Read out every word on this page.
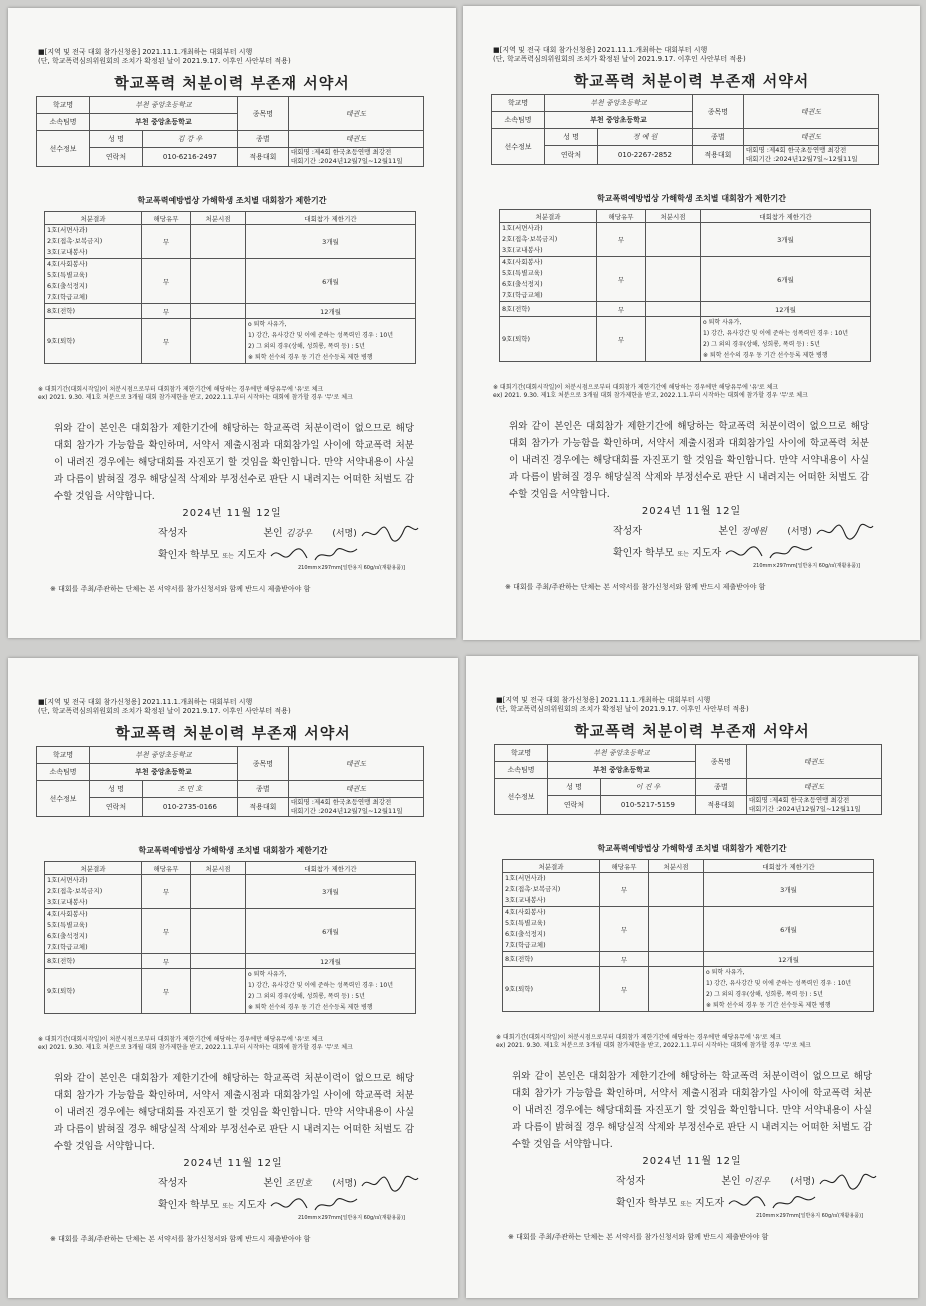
■[지역 및 전국 대회 참가신청용] 2021.11.1.개최하는 대회부터 시행
(단, 학교폭력심의위원회의 조치가 확정된 날이 2021.9.17. 이후인 사안부터 적용)
학교폭력 처분이력 부존재 서약서
학교명	부천 중앙초등학교		종목명	태권도
소속팀명	부천 중앙초등학교			
선수정보	성 명	김 강 우	종별	태권도
	연락처	010-6216-2497	적용대회	대회명 :제4회 한국초등연맹 최강전
대회기간 :2024년12월7일~12월11일
학교폭력예방법상 가해학생 조치별 대회참가 제한기간
처분결과	해당유무	처분시점	대회참가 제한기간

1호(서면사과)
2호(접촉·보복금지)
3호(교내봉사)	무		3개월

4호(사회봉사)
5호(특별교육)
6호(출석정지)
7호(학급교체)	무		6개월

8호(전학)	무		12개월

9호(퇴학)	무		o 퇴학 사유가,
1) 강간, 유사강간 및 이에 준하는 성폭력인 경우 : 10년
2) 그 외의 경우(상해, 성희롱, 폭력 등) : 5년
※ 퇴학 선수의 경우 동 기간 선수등록 제한 병행
※ 대회기간(대회시작일)이 처분시점으로부터 대회참가 제한기간에 해당하는 경우에만 해당유무에 '유'로 체크
ex) 2021. 9.30. 제1호 처분으로 3개월 대회 참가제한을 받고, 2022.1.1.부터 시작하는 대회에 참가할 경우 '무'로 체크
위와 같이 본인은 대회참가 제한기간에 해당하는 학교폭력 처분이력이 없으므로 해당 대회 참가가 가능함을 확인하며, 서약서 제출시점과 대회참가일 사이에 학교폭력 처분이 내려진 경우에는 해당대회를 자진포기 할 것임을 확인합니다. 만약 서약내용이 사실과 다름이 밝혀질 경우 해당실적 삭제와 부정선수로 판단 시 내려지는 어떠한 처벌도 감수할 것임을 서약합니다.
2024년 11월 12일
작성자	본인 김강우 (서명)
확인자 학부모 또는 지도자
210mm×297mm[일반용지 60g/㎡(재활용품)]
※ 대회를 주최/주관하는 단체는 본 서약서를 참가신청서와 함께 반드시 제출받아야 함
■[지역 및 전국 대회 참가신청용] 2021.11.1.개최하는 대회부터 시행
(단, 학교폭력심의위원회의 조치가 확정된 날이 2021.9.17. 이후인 사안부터 적용)
학교폭력 처분이력 부존재 서약서
학교명	부천 중앙초등학교		종목명	태권도
소속팀명	부천 중앙초등학교			
선수정보	성 명	정 예 원	종별	태권도
	연락처	010-2267-2852	적용대회	대회명 :제4회 한국초등연맹 최강전
대회기간 :2024년12월7일~12월11일
학교폭력예방법상 가해학생 조치별 대회참가 제한기간
처분결과	해당유무	처분시점	대회참가 제한기간

1호(서면사과)
2호(접촉·보복금지)
3호(교내봉사)	무		3개월

4호(사회봉사)
5호(특별교육)
6호(출석정지)
7호(학급교체)	무		6개월

8호(전학)	무		12개월

9호(퇴학)	무		o 퇴학 사유가,
1) 강간, 유사강간 및 이에 준하는 성폭력인 경우 : 10년
2) 그 외의 경우(상해, 성희롱, 폭력 등) : 5년
※ 퇴학 선수의 경우 동 기간 선수등록 제한 병행
※ 대회기간(대회시작일)이 처분시점으로부터 대회참가 제한기간에 해당하는 경우에만 해당유무에 '유'로 체크
ex) 2021. 9.30. 제1호 처분으로 3개월 대회 참가제한을 받고, 2022.1.1.부터 시작하는 대회에 참가할 경우 '무'로 체크
위와 같이 본인은 대회참가 제한기간에 해당하는 학교폭력 처분이력이 없으므로 해당 대회 참가가 가능함을 확인하며, 서약서 제출시점과 대회참가일 사이에 학교폭력 처분이 내려진 경우에는 해당대회를 자진포기 할 것임을 확인합니다. 만약 서약내용이 사실과 다름이 밝혀질 경우 해당실적 삭제와 부정선수로 판단 시 내려지는 어떠한 처벌도 감수할 것임을 서약합니다.
2024년 11월 12일
작성자	본인 정예원 (서명)
확인자 학부모 또는 지도자
210mm×297mm[일반용지 60g/㎡(재활용품)]
※ 대회를 주최/주관하는 단체는 본 서약서를 참가신청서와 함께 반드시 제출받아야 함
■[지역 및 전국 대회 참가신청용] 2021.11.1.개최하는 대회부터 시행
(단, 학교폭력심의위원회의 조치가 확정된 날이 2021.9.17. 이후인 사안부터 적용)
학교폭력 처분이력 부존재 서약서
학교명	부천 중앙초등학교		종목명	태권도
소속팀명	부천 중앙초등학교			
선수정보	성 명	조 민 호	종별	태권도
	연락처	010-2735-0166	적용대회	대회명 :제4회 한국초등연맹 최강전
대회기간 :2024년12월7일~12월11일
학교폭력예방법상 가해학생 조치별 대회참가 제한기간
처분결과	해당유무	처분시점	대회참가 제한기간

1호(서면사과)
2호(접촉·보복금지)
3호(교내봉사)	무		3개월

4호(사회봉사)
5호(특별교육)
6호(출석정지)
7호(학급교체)	무		6개월

8호(전학)	무		12개월

9호(퇴학)	무		o 퇴학 사유가,
1) 강간, 유사강간 및 이에 준하는 성폭력인 경우 : 10년
2) 그 외의 경우(상해, 성희롱, 폭력 등) : 5년
※ 퇴학 선수의 경우 동 기간 선수등록 제한 병행
※ 대회기간(대회시작일)이 처분시점으로부터 대회참가 제한기간에 해당하는 경우에만 해당유무에 '유'로 체크
ex) 2021. 9.30. 제1호 처분으로 3개월 대회 참가제한을 받고, 2022.1.1.부터 시작하는 대회에 참가할 경우 '무'로 체크
위와 같이 본인은 대회참가 제한기간에 해당하는 학교폭력 처분이력이 없으므로 해당 대회 참가가 가능함을 확인하며, 서약서 제출시점과 대회참가일 사이에 학교폭력 처분이 내려진 경우에는 해당대회를 자진포기 할 것임을 확인합니다. 만약 서약내용이 사실과 다름이 밝혀질 경우 해당실적 삭제와 부정선수로 판단 시 내려지는 어떠한 처벌도 감수할 것임을 서약합니다.
2024년 11월 12일
작성자	본인 조민호 (서명)
확인자 학부모 또는 지도자
210mm×297mm[일반용지 60g/㎡(재활용품)]
※ 대회를 주최/주관하는 단체는 본 서약서를 참가신청서와 함께 반드시 제출받아야 함
■[지역 및 전국 대회 참가신청용] 2021.11.1.개최하는 대회부터 시행
(단, 학교폭력심의위원회의 조치가 확정된 날이 2021.9.17. 이후인 사안부터 적용)
학교폭력 처분이력 부존재 서약서
학교명	부천 중앙초등학교		종목명	태권도
소속팀명	부천 중앙초등학교			
선수정보	성 명	이 진 우	종별	태권도
	연락처	010-5217-5159	적용대회	대회명 :제4회 한국초등연맹 최강전
대회기간 :2024년12월7일~12월11일
학교폭력예방법상 가해학생 조치별 대회참가 제한기간
처분결과	해당유무	처분시점	대회참가 제한기간

1호(서면사과)
2호(접촉·보복금지)
3호(교내봉사)	무		3개월

4호(사회봉사)
5호(특별교육)
6호(출석정지)
7호(학급교체)	무		6개월

8호(전학)	무		12개월

9호(퇴학)	무		o 퇴학 사유가,
1) 강간, 유사강간 및 이에 준하는 성폭력인 경우 : 10년
2) 그 외의 경우(상해, 성희롱, 폭력 등) : 5년
※ 퇴학 선수의 경우 동 기간 선수등록 제한 병행
※ 대회기간(대회시작일)이 처분시점으로부터 대회참가 제한기간에 해당하는 경우에만 해당유무에 '유'로 체크
ex) 2021. 9.30. 제1호 처분으로 3개월 대회 참가제한을 받고, 2022.1.1.부터 시작하는 대회에 참가할 경우 '무'로 체크
위와 같이 본인은 대회참가 제한기간에 해당하는 학교폭력 처분이력이 없으므로 해당 대회 참가가 가능함을 확인하며, 서약서 제출시점과 대회참가일 사이에 학교폭력 처분이 내려진 경우에는 해당대회를 자진포기 할 것임을 확인합니다. 만약 서약내용이 사실과 다름이 밝혀질 경우 해당실적 삭제와 부정선수로 판단 시 내려지는 어떠한 처벌도 감수할 것임을 서약합니다.
2024년 11월 12일
작성자	본인 이진우 (서명)
확인자 학부모 또는 지도자
210mm×297mm[일반용지 60g/㎡(재활용품)]
※ 대회를 주최/주관하는 단체는 본 서약서를 참가신청서와 함께 반드시 제출받아야 함
